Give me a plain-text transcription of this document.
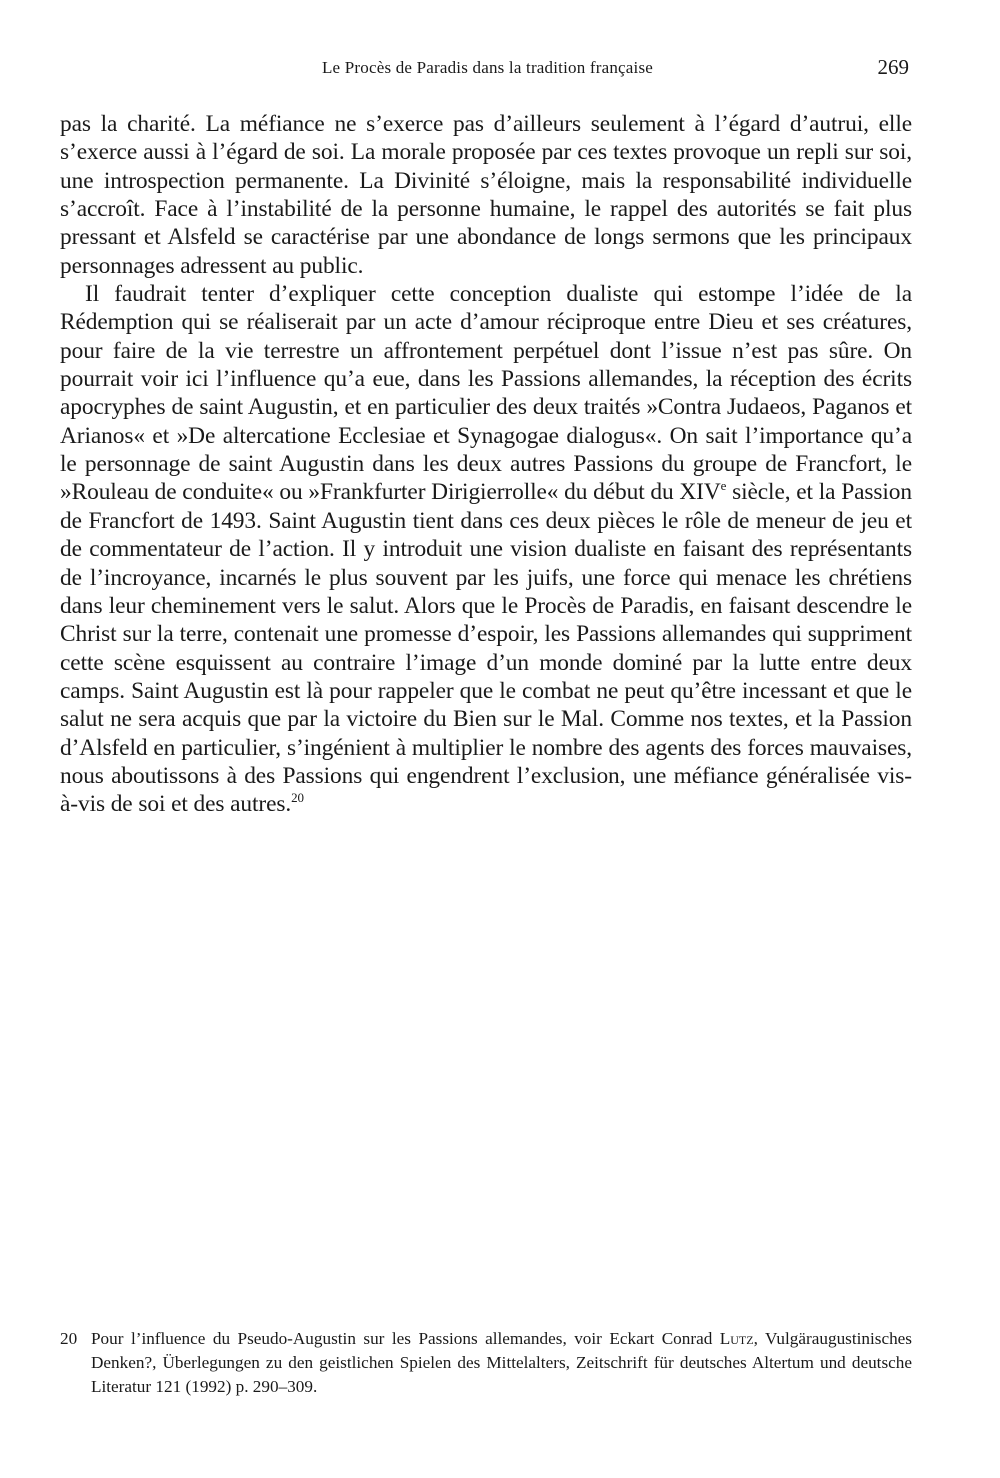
Le Procès de Paradis dans la tradition française	269

pas la charité. La méfiance ne s’exerce pas d’ailleurs seulement à l’égard d’autrui, elle s’exerce aussi à l’égard de soi. La morale proposée par ces textes provoque un repli sur soi, une introspection permanente. La Divinité s’éloigne, mais la responsabilité individuelle s’accroît. Face à l’instabilité de la personne humaine, le rappel des autorités se fait plus pressant et Alsfeld se caractérise par une abondance de longs sermons que les principaux personnages adressent au public.

Il faudrait tenter d’expliquer cette conception dualiste qui estompe l’idée de la Rédemption qui se réaliserait par un acte d’amour réciproque entre Dieu et ses créatures, pour faire de la vie terrestre un affrontement perpétuel dont l’issue n’est pas sûre. On pourrait voir ici l’influence qu’a eue, dans les Passions allemandes, la réception des écrits apocryphes de saint Augustin, et en particulier des deux traités »Contra Judaeos, Paganos et Arianos« et »De altercatione Ecclesiae et Synagogae dialogus«. On sait l’importance qu’a le personnage de saint Augustin dans les deux autres Passions du groupe de Francfort, le »Rouleau de conduite« ou »Frankfurter Dirigierrolle« du début du XIVe siècle, et la Passion de Francfort de 1493. Saint Augustin tient dans ces deux pièces le rôle de meneur de jeu et de commentateur de l’action. Il y introduit une vision dualiste en faisant des représentants de l’incroyance, incarnés le plus souvent par les juifs, une force qui menace les chrétiens dans leur cheminement vers le salut. Alors que le Procès de Paradis, en faisant descendre le Christ sur la terre, contenait une promesse d’espoir, les Passions allemandes qui suppriment cette scène esquissent au contraire l’image d’un monde dominé par la lutte entre deux camps. Saint Augustin est là pour rappeler que le combat ne peut qu’être incessant et que le salut ne sera acquis que par la victoire du Bien sur le Mal. Comme nos textes, et la Passion d’Alsfeld en particulier, s’ingénient à multiplier le nombre des agents des forces mauvaises, nous aboutissons à des Passions qui engendrent l’exclusion, une méfiance généralisée vis-à-vis de soi et des autres.$^{20}$

20 Pour l’influence du Pseudo-Augustin sur les Passions allemandes, voir Eckart Conrad Lutz, Vulgäraugustinisches Denken?, Überlegungen zu den geistlichen Spielen des Mittelalters, Zeitschrift für deutsches Altertum und deutsche Literatur 121 (1992) p. 290–309.
